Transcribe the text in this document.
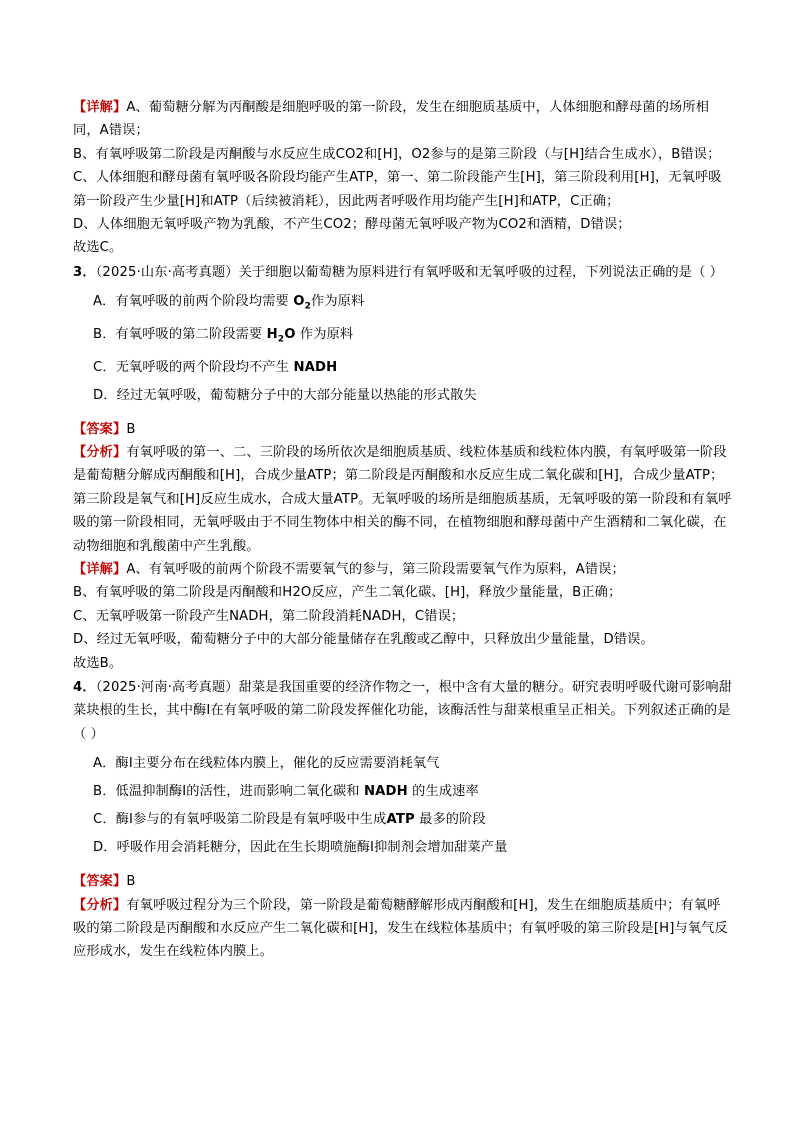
【详解】A、葡萄糖分解为丙酮酸是细胞呼吸的第一阶段，发生在细胞质基质中，人体细胞和酵母菌的场所相同，A错误；

B、有氧呼吸第二阶段是丙酮酸与水反应生成CO2和[H]，O2参与的是第三阶段（与[H]结合生成水），B错误；

C、人体细胞和酵母菌有氧呼吸各阶段均能产生ATP，第一、第二阶段能产生[H]，第三阶段利用[H]，无氧呼吸第一阶段产生少量[H]和ATP（后续被消耗），因此两者呼吸作用均能产生[H]和ATP，C正确；

D、人体细胞无氧呼吸产物为乳酸，不产生CO2；酵母菌无氧呼吸产物为CO2和酒精，D错误；

故选C。

3．（2025·山东·高考真题）关于细胞以葡萄糖为原料进行有氧呼吸和无氧呼吸的过程，下列说法正确的是（ ）

A．有氧呼吸的前两个阶段均需要 $O_2$作为原料

B．有氧呼吸的第二阶段需要 $H_2O$ 作为原料

C．无氧呼吸的两个阶段均不产生 NADH

D．经过无氧呼吸，葡萄糖分子中的大部分能量以热能的形式散失

【答案】B

【分析】有氧呼吸的第一、二、三阶段的场所依次是细胞质基质、线粒体基质和线粒体内膜，有氧呼吸第一阶段是葡萄糖分解成丙酮酸和[H]，合成少量ATP；第二阶段是丙酮酸和水反应生成二氧化碳和[H]，合成少量ATP；第三阶段是氧气和[H]反应生成水，合成大量ATP。无氧呼吸的场所是细胞质基质，无氧呼吸的第一阶段和有氧呼吸的第一阶段相同，无氧呼吸由于不同生物体中相关的酶不同，在植物细胞和酵母菌中产生酒精和二氧化碳，在动物细胞和乳酸菌中产生乳酸。

【详解】A、有氧呼吸的前两个阶段不需要氧气的参与，第三阶段需要氧气作为原料，A错误；

B、有氧呼吸的第二阶段是丙酮酸和H2O反应，产生二氧化碳、[H]，释放少量能量，B正确；

C、无氧呼吸第一阶段产生NADH，第二阶段消耗NADH，C错误；

D、经过无氧呼吸，葡萄糖分子中的大部分能量储存在乳酸或乙醇中，只释放出少量能量，D错误。

故选B。

4．（2025·河南·高考真题）甜菜是我国重要的经济作物之一，根中含有大量的糖分。研究表明呼吸代谢可影响甜菜块根的生长，其中酶Ⅰ在有氧呼吸的第二阶段发挥催化功能，该酶活性与甜菜根重呈正相关。下列叙述正确的是（ ）

A．酶Ⅰ主要分布在线粒体内膜上，催化的反应需要消耗氧气

B．低温抑制酶Ⅰ的活性，进而影响二氧化碳和 NADH 的生成速率

C．酶Ⅰ参与的有氧呼吸第二阶段是有氧呼吸中生成ATP 最多的阶段

D．呼吸作用会消耗糖分，因此在生长期喷施酶Ⅰ抑制剂会增加甜菜产量

【答案】B

【分析】有氧呼吸过程分为三个阶段，第一阶段是葡萄糖酵解形成丙酮酸和[H]，发生在细胞质基质中；有氧呼吸的第二阶段是丙酮酸和水反应产生二氧化碳和[H]，发生在线粒体基质中；有氧呼吸的第三阶段是[H]与氧气反应形成水，发生在线粒体内膜上。
